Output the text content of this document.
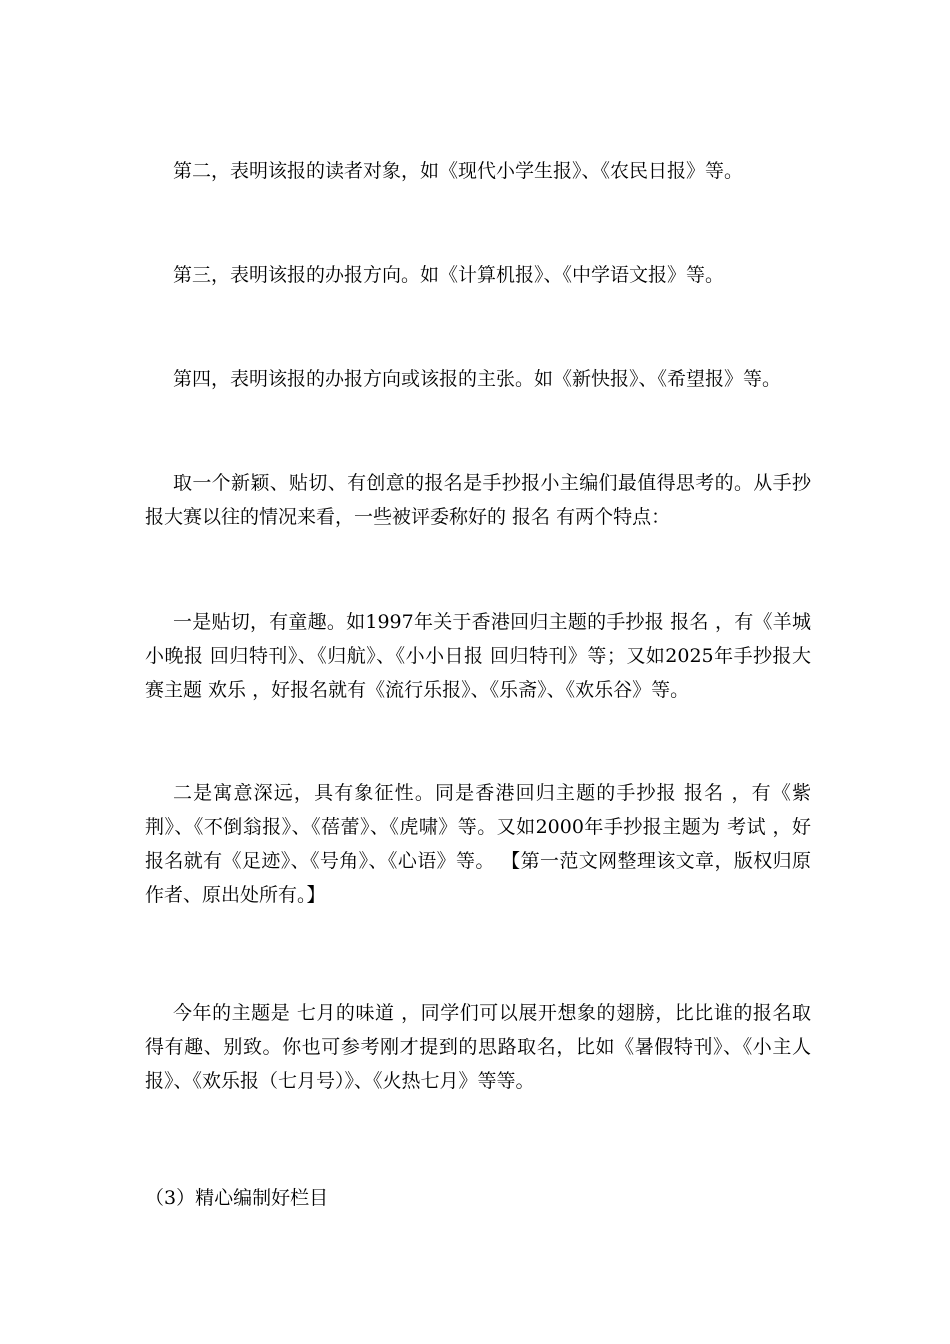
第二，表明该报的读者对象，如《现代小学生报》、《农民日报》等。

第三，表明该报的办报方向。如《计算机报》、《中学语文报》等。

第四，表明该报的办报方向或该报的主张。如《新快报》、《希望报》等。

取一个新颖、贴切、有创意的报名是手抄报小主编们最值得思考的。从手抄报大赛以往的情况来看，一些被评委称好的 报名 有两个特点：

一是贴切，有童趣。如1997年关于香港回归主题的手抄报 报名 ，有《羊城小晚报 回归特刊》、《归航》、《小小日报 回归特刊》等；又如2025年手抄报大赛主题 欢乐 ，好报名就有《流行乐报》、《乐斋》、《欢乐谷》等。

二是寓意深远，具有象征性。同是香港回归主题的手抄报 报名 ，有《紫荆》、《不倒翁报》、《蓓蕾》、《虎啸》等。又如2000年手抄报主题为 考试 ，好报名就有《足迹》、《号角》、《心语》等。 【第一范文网整理该文章，版权归原作者、原出处所有。】

今年的主题是 七月的味道 ，同学们可以展开想象的翅膀，比比谁的报名取得有趣、别致。你也可参考刚才提到的思路取名，比如《暑假特刊》、《小主人报》、《欢乐报（七月号）》、《火热七月》等等。

（3）精心编制好栏目
